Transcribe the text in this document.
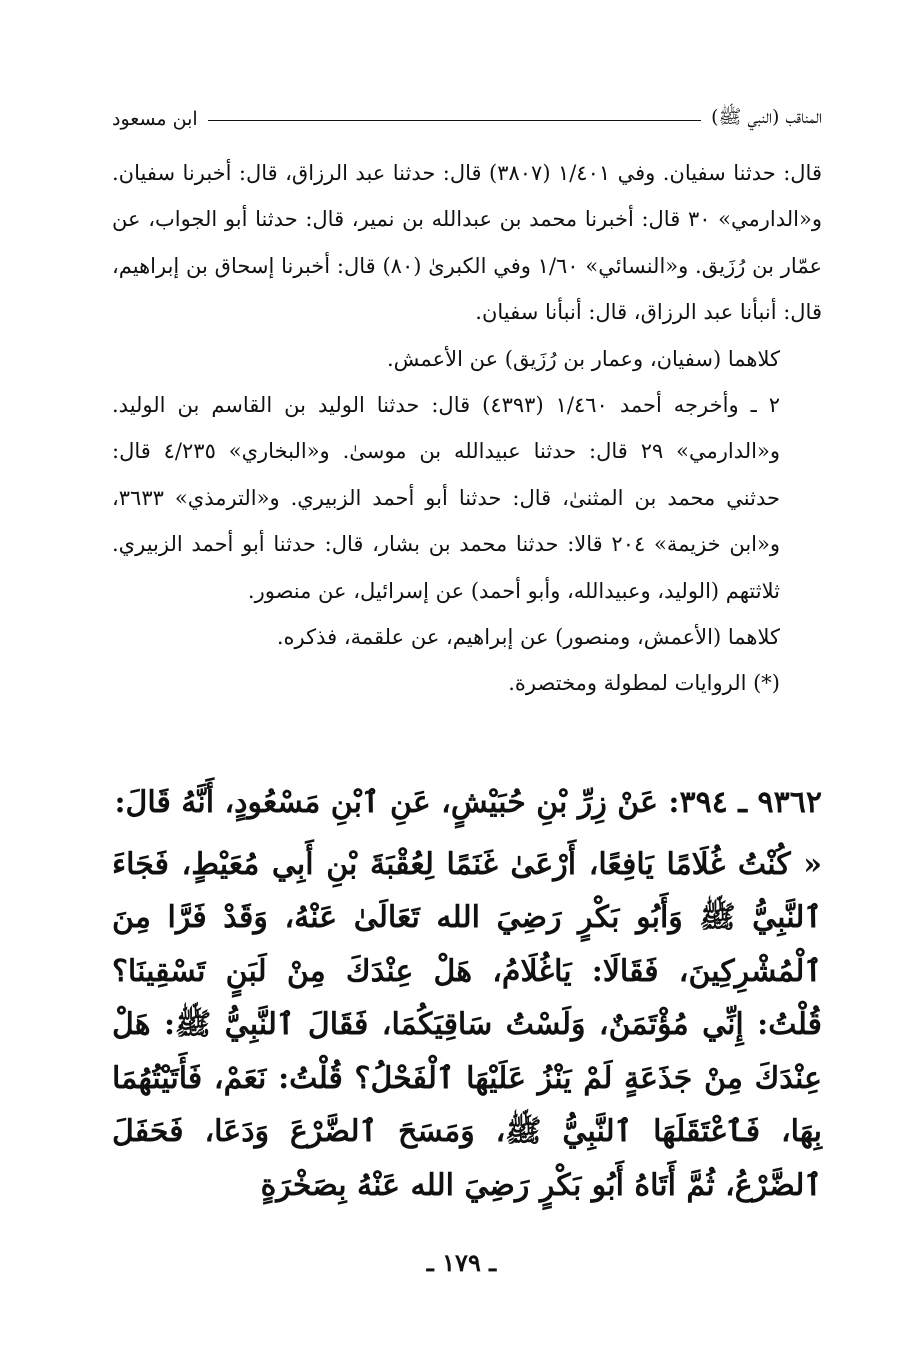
المناقب (النبي ﷺ)
ابن مسعود

قال: حدثنا سفيان. وفي ١/٤٠١ (٣٨٠٧) قال: حدثنا عبد الرزاق، قال: أخبرنا سفيان. و«الدارمي» ٣٠ قال: أخبرنا محمد بن عبدالله بن نمير، قال: حدثنا أبو الجواب، عن عمّار بن رُزَيق. و«النسائي» ١/٦٠ وفي الكبرىٰ (٨٠) قال: أخبرنا إسحاق بن إبراهيم، قال: أنبأنا عبد الرزاق، قال: أنبأنا سفيان.

كلاهما (سفيان، وعمار بن رُزَيق) عن الأعمش.

٢ ـ وأخرجه أحمد ١/٤٦٠ (٤٣٩٣) قال: حدثنا الوليد بن القاسم بن الوليد. و«الدارمي» ٢٩ قال: حدثنا عبيدالله بن موسىٰ. و«البخاري» ٤/٢٣٥ قال: حدثني محمد بن المثنىٰ، قال: حدثنا أبو أحمد الزبيري. و«الترمذي» ٣٦٣٣، و«ابن خزيمة» ٢٠٤ قالا: حدثنا محمد بن بشار، قال: حدثنا أبو أحمد الزبيري. ثلاثتهم (الوليد، وعبيدالله، وأبو أحمد) عن إسرائيل، عن منصور.

كلاهما (الأعمش، ومنصور) عن إبراهيم، عن علقمة، فذكره.

(*) الروايات لمطولة ومختصرة.

٩٣٦٢ ـ ٣٩٤: عَنْ زِرِّ بْنِ حُبَيْشٍ، عَنِ ٱبْنِ مَسْعُودٍ، أَنَّهُ قَالَ:

« كُنْتُ غُلَامًا يَافِعًا، أَرْعَىٰ غَنَمًا لِعُقْبَةَ بْنِ أَبِي مُعَيْطٍ، فَجَاءَ ٱلنَّبِيُّ ﷺ وَأَبُو بَكْرٍ رَضِيَ الله تَعَالَىٰ عَنْهُ، وَقَدْ فَرَّا مِنَ ٱلْمُشْرِكِينَ، فَقَالَا: يَاغُلَامُ، هَلْ عِنْدَكَ مِنْ لَبَنٍ تَسْقِينَا؟ قُلْتُ: إِنِّي مُؤْتَمَنٌ، وَلَسْتُ سَاقِيَكُمَا، فَقَالَ ٱلنَّبِيُّ ﷺ: هَلْ عِنْدَكَ مِنْ جَذَعَةٍ لَمْ يَنْزُ عَلَيْهَا ٱلْفَحْلُ؟ قُلْتُ: نَعَمْ، فَأَتَيْتُهُمَا بِهَا، فَٱعْتَقَلَهَا ٱلنَّبِيُّ ﷺ، وَمَسَحَ ٱلضَّرْعَ وَدَعَا، فَحَفَلَ ٱلضَّرْعُ، ثُمَّ أَتَاهُ أَبُو بَكْرٍ رَضِيَ الله عَنْهُ بِصَخْرَةٍ

ـ ١٧٩ ـ
